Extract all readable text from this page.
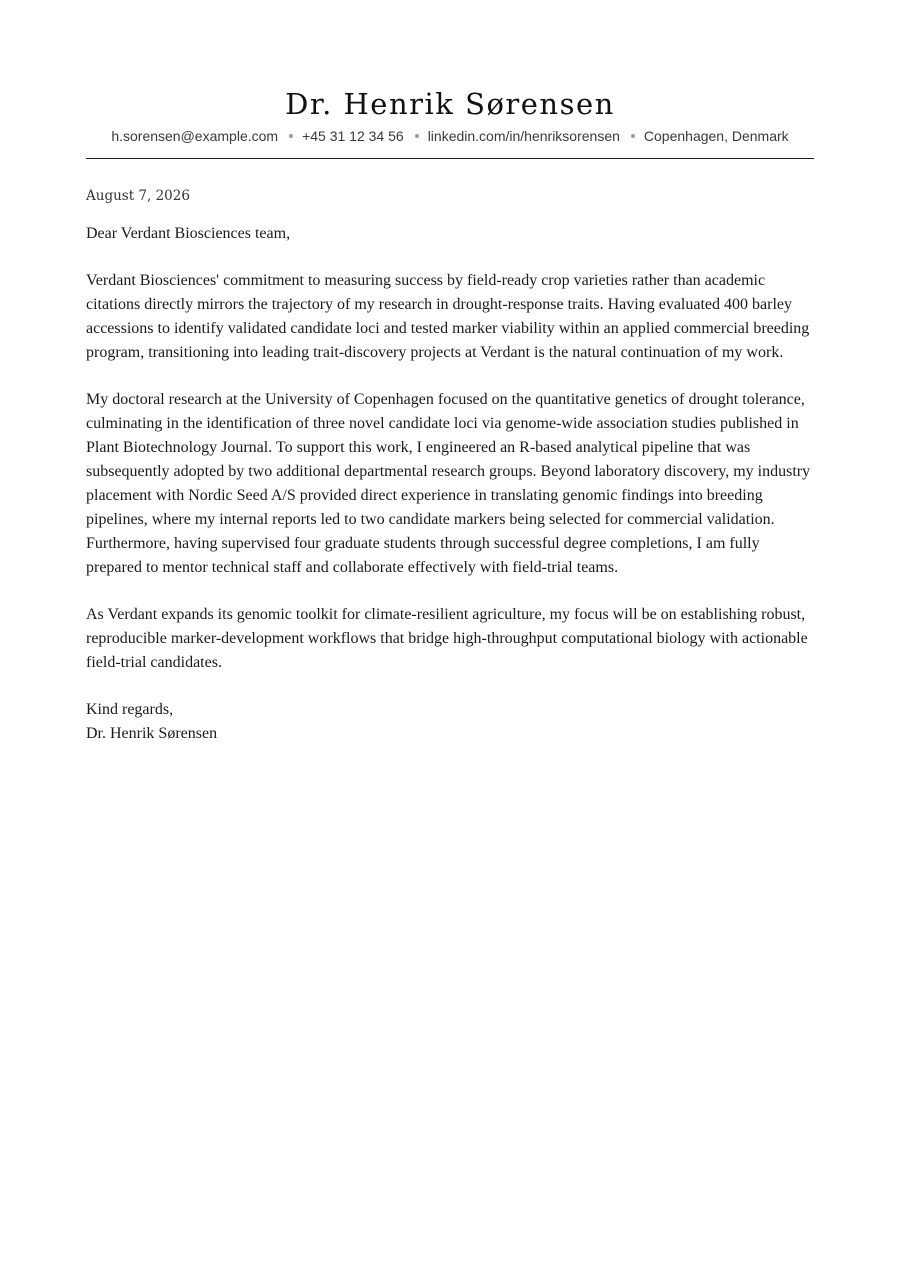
Dr. Henrik Sørensen
h.sorensen@example.com +45 31 12 34 56 linkedin.com/in/henriksorensen Copenhagen, Denmark
August 7, 2026
Dear Verdant Biosciences team,

Verdant Biosciences' commitment to measuring success by field-ready crop varieties rather than academic citations directly mirrors the trajectory of my research in drought-response traits. Having evaluated 400 barley accessions to identify validated candidate loci and tested marker viability within an applied commercial breeding program, transitioning into leading trait-discovery projects at Verdant is the natural continuation of my work.

My doctoral research at the University of Copenhagen focused on the quantitative genetics of drought tolerance, culminating in the identification of three novel candidate loci via genome-wide association studies published in Plant Biotechnology Journal. To support this work, I engineered an R-based analytical pipeline that was subsequently adopted by two additional departmental research groups. Beyond laboratory discovery, my industry placement with Nordic Seed A/S provided direct experience in translating genomic findings into breeding pipelines, where my internal reports led to two candidate markers being selected for commercial validation. Furthermore, having supervised four graduate students through successful degree completions, I am fully prepared to mentor technical staff and collaborate effectively with field-trial teams.

As Verdant expands its genomic toolkit for climate-resilient agriculture, my focus will be on establishing robust, reproducible marker-development workflows that bridge high-throughput computational biology with actionable field-trial candidates.

Kind regards,
Dr. Henrik Sørensen
